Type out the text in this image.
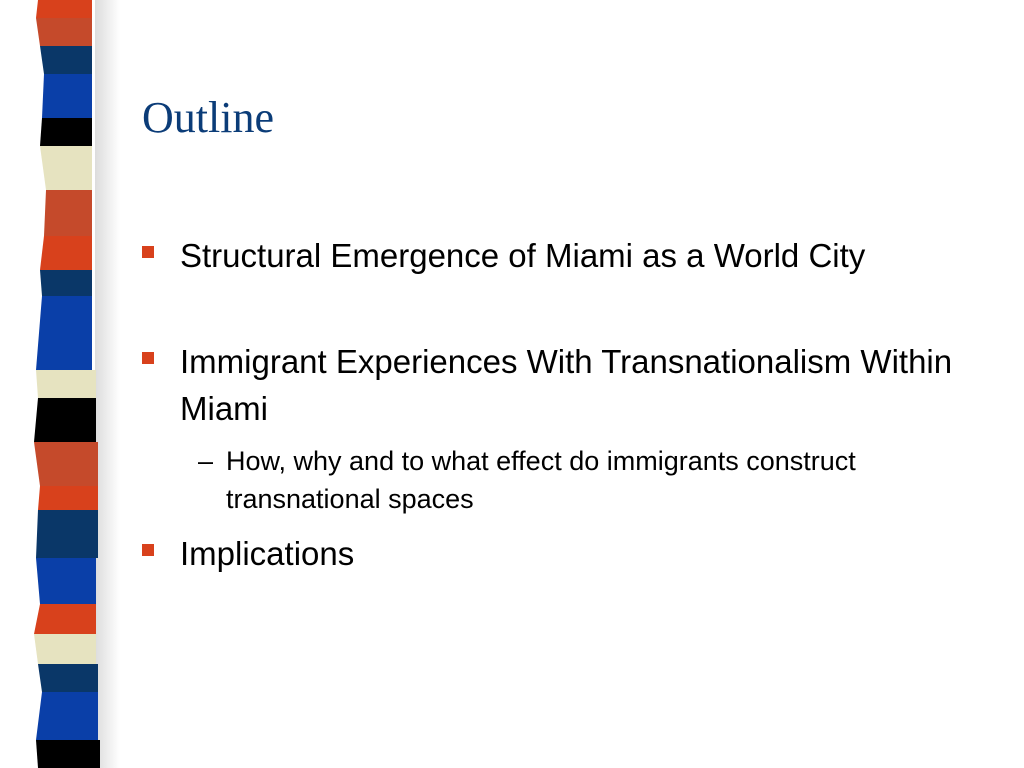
Outline
Structural Emergence of Miami as a World City
Immigrant Experiences With Transnationalism Within Miami
– How, why and to what effect do immigrants construct transnational spaces
Implications
